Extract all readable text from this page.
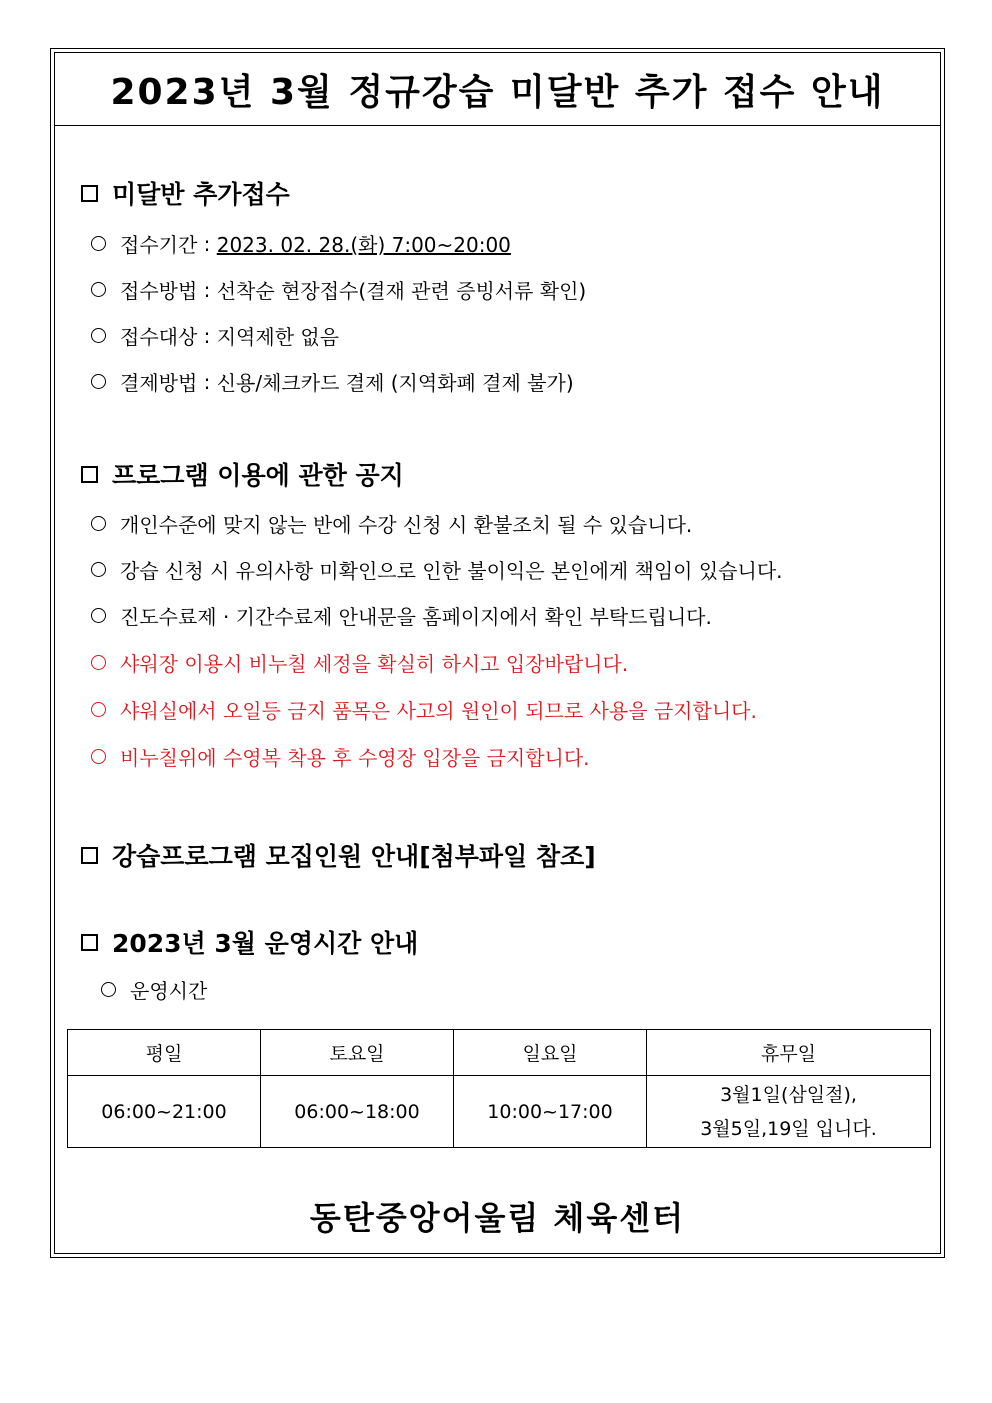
2023년 3월 정규강습 미달반 추가 접수 안내
미달반 추가접수
접수기간 : 2023. 02. 28.(화) 7:00~20:00
접수방법 : 선착순 현장접수(결재 관련 증빙서류 확인)
접수대상 : 지역제한 없음
결제방법 : 신용/체크카드 결제 (지역화폐 결제 불가)
프로그램 이용에 관한 공지
개인수준에 맞지 않는 반에 수강 신청 시 환불조치 될 수 있습니다.
강습 신청 시 유의사항 미확인으로 인한 불이익은 본인에게 책임이 있습니다.
진도수료제 · 기간수료제 안내문을 홈페이지에서 확인 부탁드립니다.
샤워장 이용시 비누칠 세정을 확실히 하시고 입장바랍니다.
샤워실에서 오일등 금지 품목은 사고의 원인이 되므로 사용을 금지합니다.
비누칠위에 수영복 착용 후 수영장 입장을 금지합니다.
강습프로그램 모집인원 안내[첨부파일 참조]
2023년 3월 운영시간 안내
운영시간
평일	토요일	일요일	휴무일
06:00~21:00	06:00~18:00	10:00~17:00	3월1일(삼일절),
3월5일,19일 입니다.
동탄중앙어울림 체육센터
